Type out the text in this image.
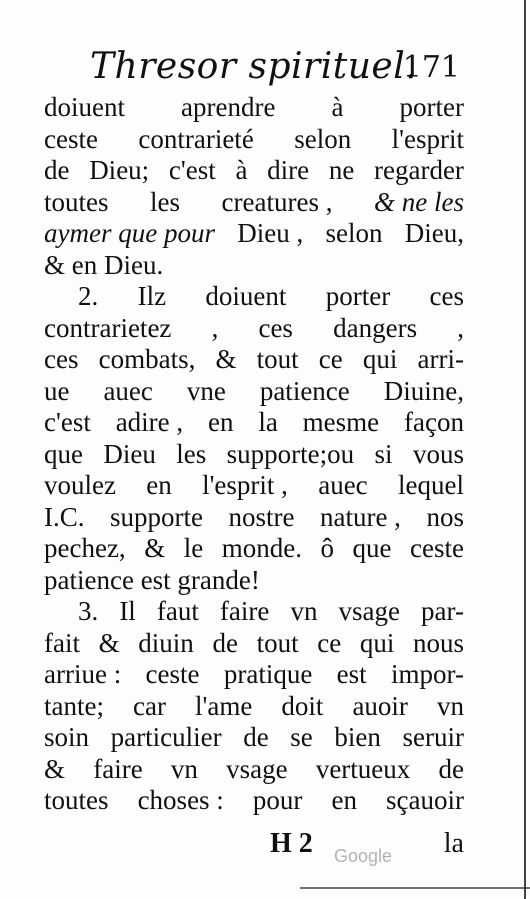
Thresor spirituel.
171
doiuent aprendre à porter
ceste contrarieté selon l'esprit
de Dieu; c'est à dire ne regarder
toutes les creatures , & ne les
aymer que pour Dieu , selon Dieu,
& en Dieu.
2. Ilz doiuent porter ces
contrarietez , ces dangers ,
ces combats, & tout ce qui arri-
ue auec vne patience Diuine,
c'est adire , en la mesme façon
que Dieu les supporte;ou si vous
voulez en l'esprit , auec lequel
I.C. supporte nostre nature , nos
pechez, & le monde. ô que ceste
patience est grande!
3. Il faut faire vn vsage par-
fait & diuin de tout ce qui nous
arriue : ceste pratique est impor-
tante; car l'ame doit auoir vn
soin particulier de se bien seruir
& faire vn vsage vertueux de
toutes choses : pour en sçauoir
H 2 Google la
